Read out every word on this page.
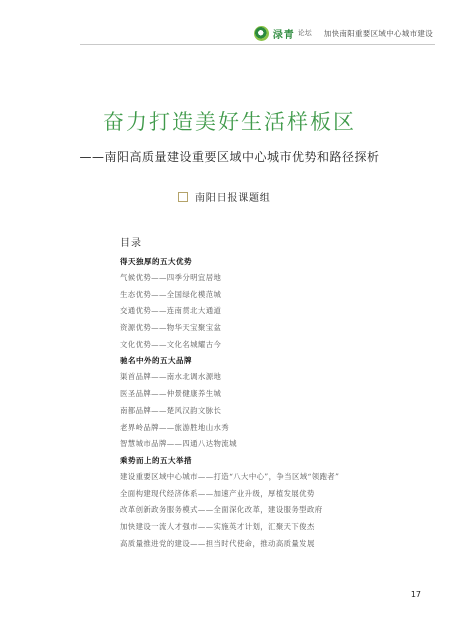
渌青 论坛 加快南阳重要区域中心城市建设
奋力打造美好生活样板区
——南阳高质量建设重要区域中心城市优势和路径探析
南阳日报课题组
目录
得天独厚的五大优势
气候优势——四季分明宜居地
生态优势——全国绿化模范城
交通优势——连南贯北大通道
资源优势——物华天宝聚宝盆
文化优势——文化名城耀古今
驰名中外的五大品牌
渠首品牌——南水北调水源地
医圣品牌——仲景健康养生城
南都品牌——楚风汉韵文脉长
老界岭品牌——旅游胜地山水秀
智慧城市品牌——四通八达物流城
乘势而上的五大举措
建设重要区域中心城市——打造“八大中心”，争当区域“领跑者”
全面构建现代经济体系——加速产业升级，厚植发展优势
改革创新政务服务模式——全面深化改革，建设服务型政府
加快建设一流人才强市——实施英才计划，汇聚天下俊杰
高质量推进党的建设——担当时代使命，推动高质量发展
17
